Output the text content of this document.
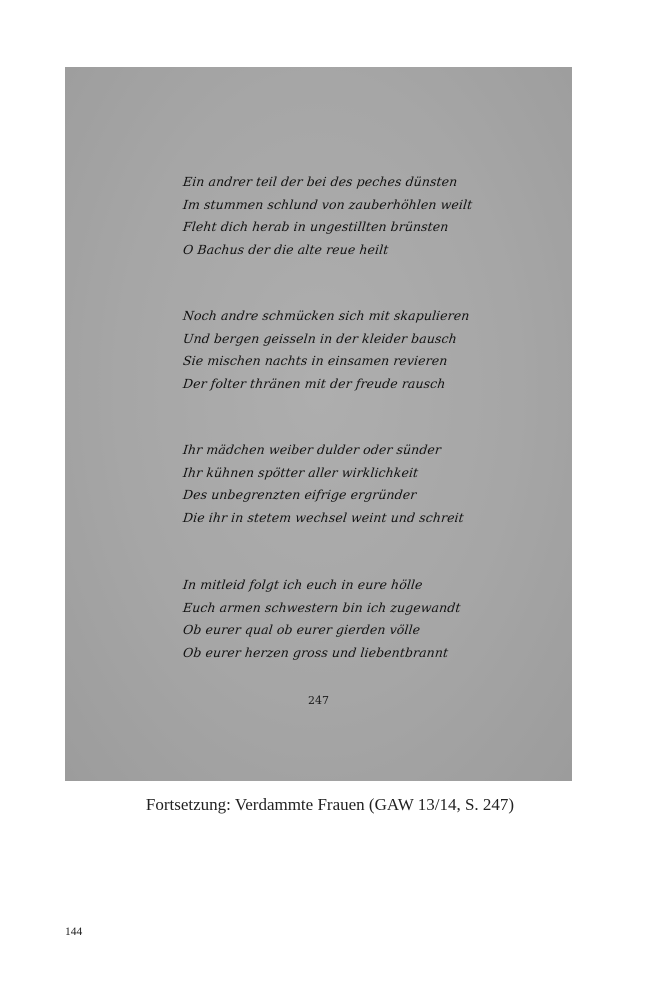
Ein andrer teil der bei des peches dünsten
Im stummen schlund von zauberhöhlen weilt
Fleht dich herab in ungestillten brünsten
O Bachus der die alte reue heilt
Noch andre schmücken sich mit skapulieren
Und bergen geisseln in der kleider bausch
Sie mischen nachts in einsamen revieren
Der folter thränen mit der freude rausch
Ihr mädchen weiber dulder oder sünder
Ihr kühnen spötter aller wirklichkeit
Des unbegrenzten eifrige ergründer
Die ihr in stetem wechsel weint und schreit
In mitleid folgt ich euch in eure hölle
Euch armen schwestern bin ich zugewandt
Ob eurer qual ob eurer gierden völle
Ob eurer herzen gross und liebentbrannt
247
Fortsetzung: Verdammte Frauen (GAW 13/14, S. 247)
144
